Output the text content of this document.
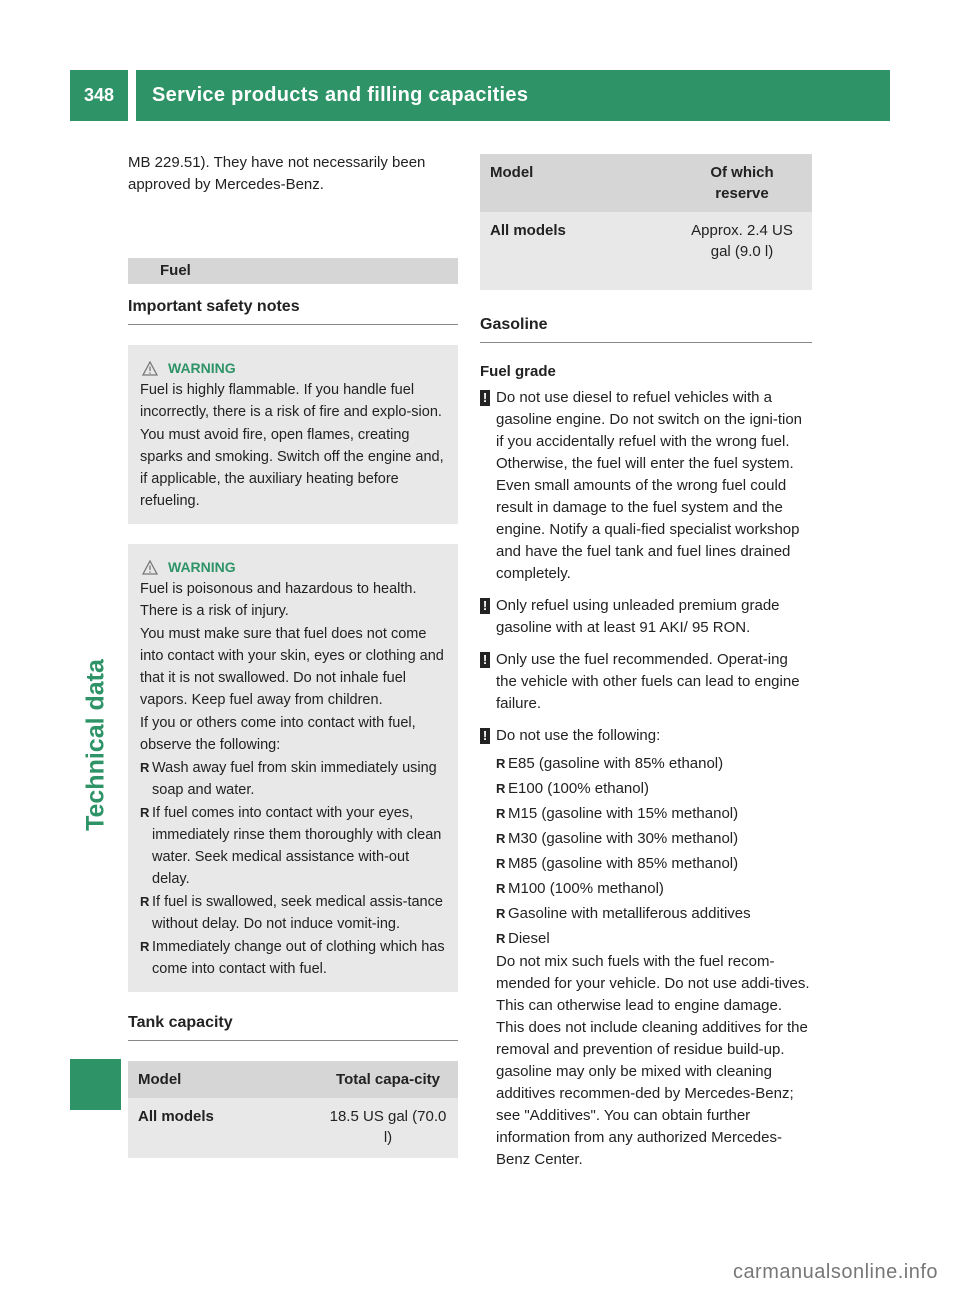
348	Service products and filling capacities
Technical data

MB 229.51). They have not necessarily been approved by Mercedes-Benz.

Fuel
Important safety notes
WARNING

Fuel is highly flammable. If you handle fuel incorrectly, there is a risk of fire and explo-sion.

You must avoid fire, open flames, creating sparks and smoking. Switch off the engine and, if applicable, the auxiliary heating before refueling.

WARNING

Fuel is poisonous and hazardous to health. There is a risk of injury.

You must make sure that fuel does not come into contact with your skin, eyes or clothing and that it is not swallowed. Do not inhale fuel vapors. Keep fuel away from children.

If you or others come into contact with fuel, observe the following:

R Wash away fuel from skin immediately using soap and water.

R If fuel comes into contact with your eyes, immediately rinse them thoroughly with clean water. Seek medical assistance with-out delay.

R If fuel is swallowed, seek medical assis-tance without delay. Do not induce vomit-ing.

R Immediately change out of clothing which has come into contact with fuel.

Tank capacity
Model	Total capa-city
All models	18.5 US gal (70.0 l)
Model	Of which reserve
All models	Approx. 2.4 US gal (9.0 l)
Gasoline
Fuel grade
! Do not use diesel to refuel vehicles with a gasoline engine. Do not switch on the igni-tion if you accidentally refuel with the wrong fuel. Otherwise, the fuel will enter the fuel system. Even small amounts of the wrong fuel could result in damage to the fuel system and the engine. Notify a quali-fied specialist workshop and have the fuel tank and fuel lines drained completely.

! Only refuel using unleaded premium grade gasoline with at least 91 AKI/ 95 RON.

! Only use the fuel recommended. Operat-ing the vehicle with other fuels can lead to engine failure.

! Do not use the following:

R E85 (gasoline with 85% ethanol)

R E100 (100% ethanol)

R M15 (gasoline with 15% methanol)

R M30 (gasoline with 30% methanol)

R M85 (gasoline with 85% methanol)

R M100 (100% methanol)

R Gasoline with metalliferous additives

R Diesel

Do not mix such fuels with the fuel recom-mended for your vehicle. Do not use addi-tives. This can otherwise lead to engine damage. This does not include cleaning additives for the removal and prevention of residue build-up. gasoline may only be mixed with cleaning additives recommen-ded by Mercedes-Benz; see "Additives". You can obtain further information from any authorized Mercedes-Benz Center.

carmanualsonline.info
